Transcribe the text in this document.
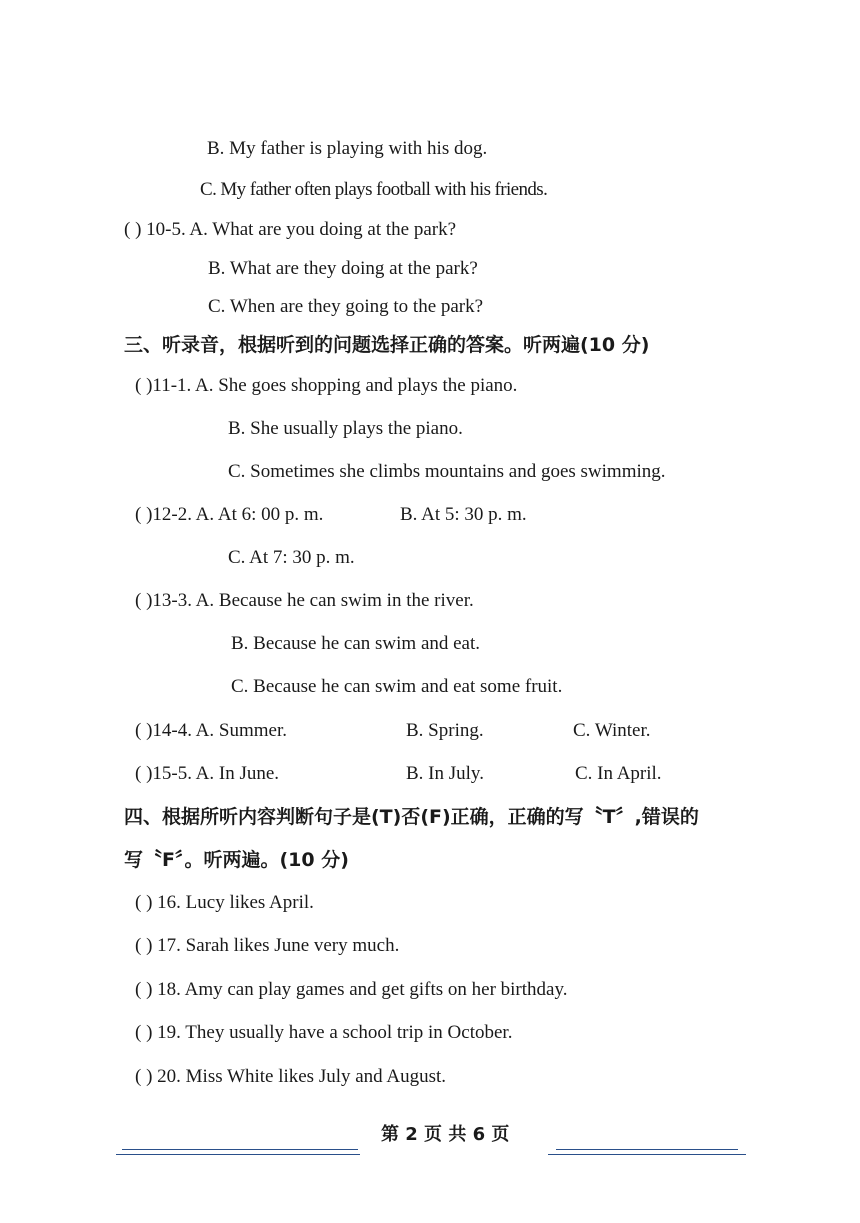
B. My father is playing with his dog.
C. My father often plays football with his friends.
( ) 10-5. A. What are you doing at the park?
B. What are they doing at the park?
C. When are they going to the park?
三、听录音，根据听到的问题选择正确的答案。听两遍(10 分)
( )11-1. A. She goes shopping and plays the piano.
B. She usually plays the piano.
C. Sometimes she climbs mountains and goes swimming.
( )12-2. A. At 6: 00 p. m.	B. At 5: 30 p. m.
C. At 7: 30 p. m.
( )13-3. A. Because he can swim in the river.
B. Because he can swim and eat.
C. Because he can swim and eat some fruit.
( )14-4. A. Summer.	B. Spring.	C. Winter.
( )15-5. A. In June.	B. In July.	C. In April.
四、根据所听内容判断句子是(T)否(F)正确，正确的写〝T〞,错误的
写〝F〞。听两遍。(10 分)
( ) 16. Lucy likes April.
( ) 17. Sarah likes June very much.
( ) 18. Amy can play games and get gifts on her birthday.
( ) 19. They usually have a school trip in October.
( ) 20. Miss White likes July and August.
第 2 页 共 6 页
